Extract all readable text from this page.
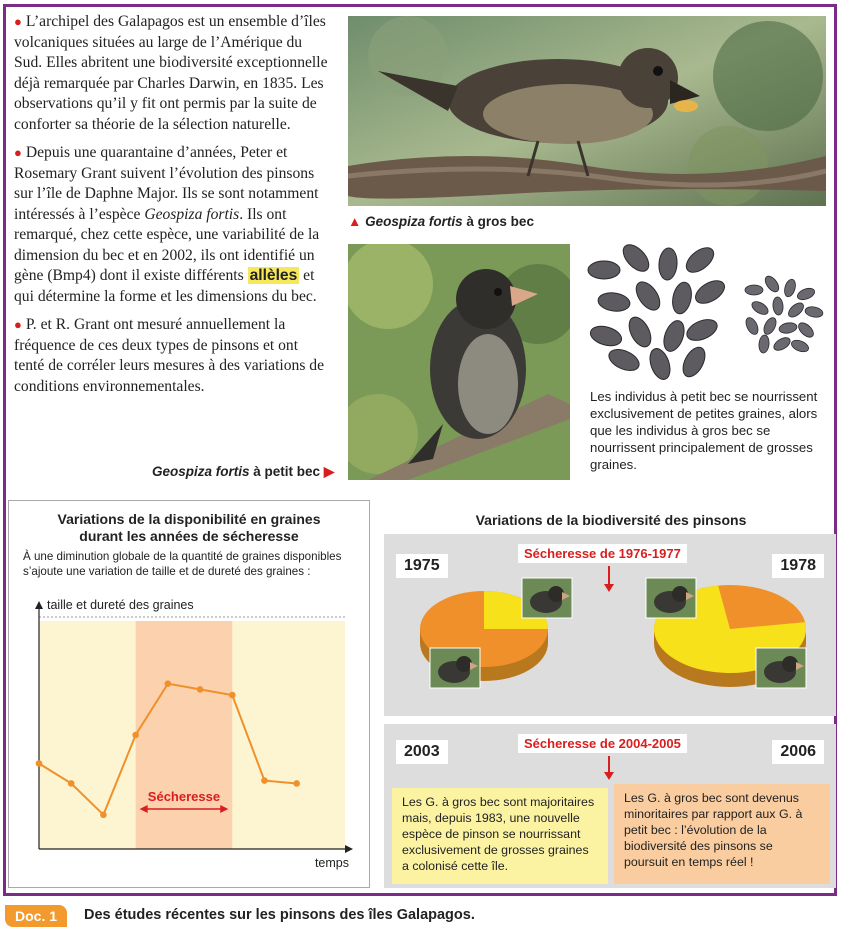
● L’archipel des Galapagos est un ensemble d’îles volcaniques situées au large de l’Amérique du Sud. Elles abritent une biodiversité exceptionnelle déjà remarquée par Charles Darwin, en 1835. Les observations qu’il y fit ont permis par la suite de conforter sa théorie de la sélection naturelle.

● Depuis une quarantaine d’années, Peter et Rosemary Grant suivent l’évolution des pinsons sur l’île de Daphne Major. Ils se sont notamment intéressés à l’espèce Geospiza fortis. Ils ont remarqué, chez cette espèce, une variabilité de la dimension du bec et en 2002, ils ont identifié un gène (Bmp4) dont il existe différents allèles et qui détermine la forme et les dimensions du bec.

● P. et R. Grant ont mesuré annuellement la fréquence de ces deux types de pinsons et ont tenté de corréler leurs mesures à des variations de conditions environnementales.

▲ Geospiza fortis à gros bec
Geospiza fortis à petit bec ▶
Les individus à petit bec se nourrissent exclusivement de petites graines, alors que les individus à gros bec se nourrissent principalement de grosses graines.
Variations de la disponibilité en graines
durant les années de sécheresse
À une diminution globale de la quantité de graines disponibles s’ajoute une variation de taille et de dureté des graines :
taille et dureté des graines
temps
Sécheresse
Variations de la biodiversité des pinsons
1975	1978
Sécheresse de 1976-1977
2003	2006
Sécheresse de 2004-2005
Les G. à gros bec sont majoritaires mais, depuis 1983, une nouvelle espèce de pinson se nourrissant exclusivement de grosses graines a colonisé cette île.
Les G. à gros bec sont devenus minoritaires par rapport aux G. à petit bec : l’évolution de la biodiversité des pinsons se poursuit en temps réel !
Doc. 1	Des études récentes sur les pinsons des îles Galapagos.
